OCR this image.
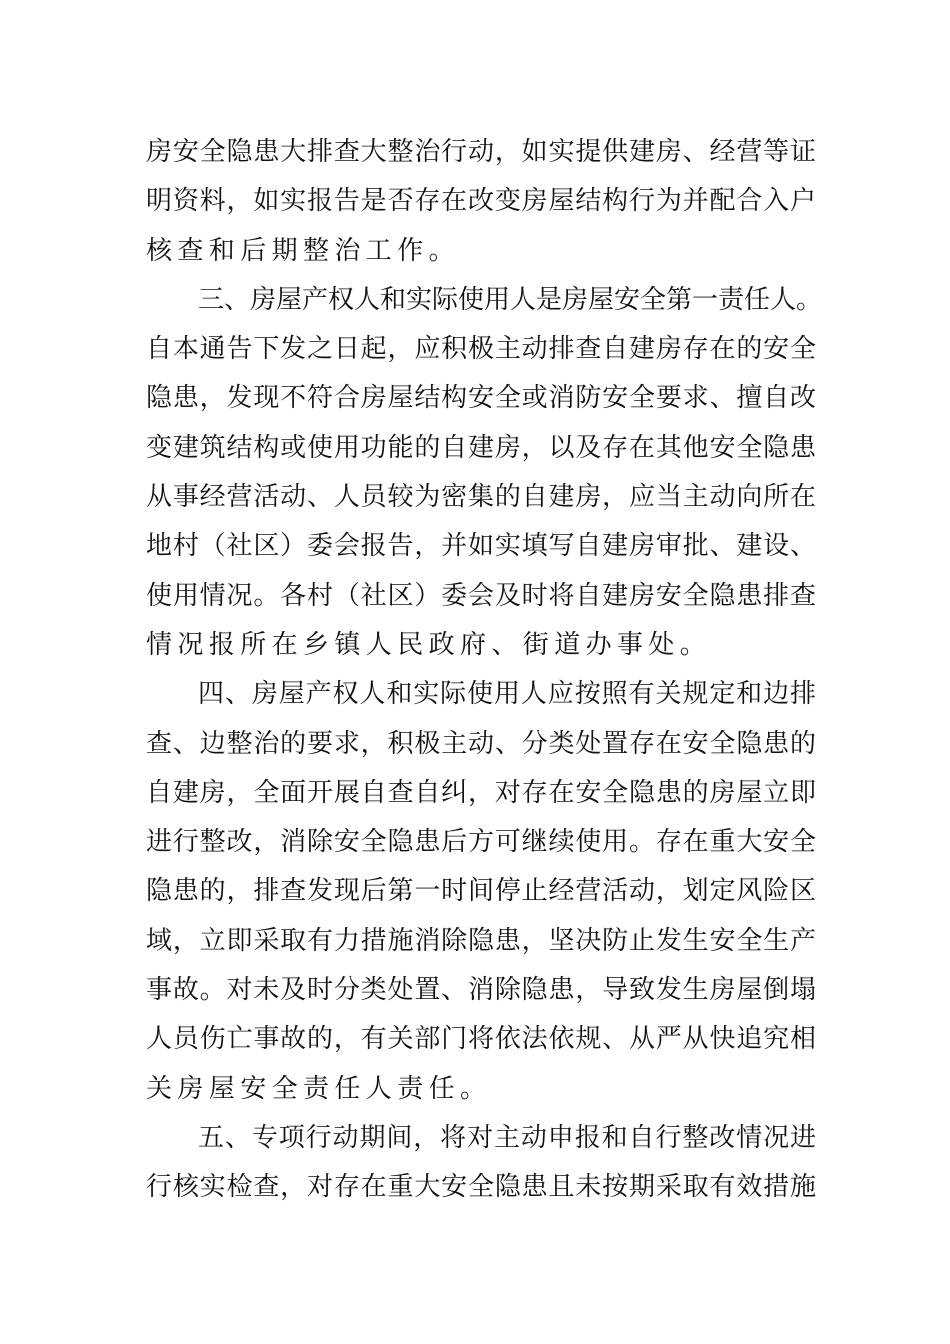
房安全隐患大排查大整治行动，如实提供建房、经营等证
明资料，如实报告是否存在改变房屋结构行为并配合入户
核查和后期整治工作。
三、房屋产权人和实际使用人是房屋安全第一责任人。
自本通告下发之日起，应积极主动排查自建房存在的安全
隐患，发现不符合房屋结构安全或消防安全要求、擅自改
变建筑结构或使用功能的自建房，以及存在其他安全隐患
从事经营活动、人员较为密集的自建房，应当主动向所在
地村（社区）委会报告，并如实填写自建房审批、建设、
使用情况。各村（社区）委会及时将自建房安全隐患排查
情况报所在乡镇人民政府、街道办事处。
四、房屋产权人和实际使用人应按照有关规定和边排
查、边整治的要求，积极主动、分类处置存在安全隐患的
自建房，全面开展自查自纠，对存在安全隐患的房屋立即
进行整改，消除安全隐患后方可继续使用。存在重大安全
隐患的，排查发现后第一时间停止经营活动，划定风险区
域，立即采取有力措施消除隐患，坚决防止发生安全生产
事故。对未及时分类处置、消除隐患，导致发生房屋倒塌
人员伤亡事故的，有关部门将依法依规、从严从快追究相
关房屋安全责任人责任。
五、专项行动期间，将对主动申报和自行整改情况进
行核实检查，对存在重大安全隐患且未按期采取有效措施
